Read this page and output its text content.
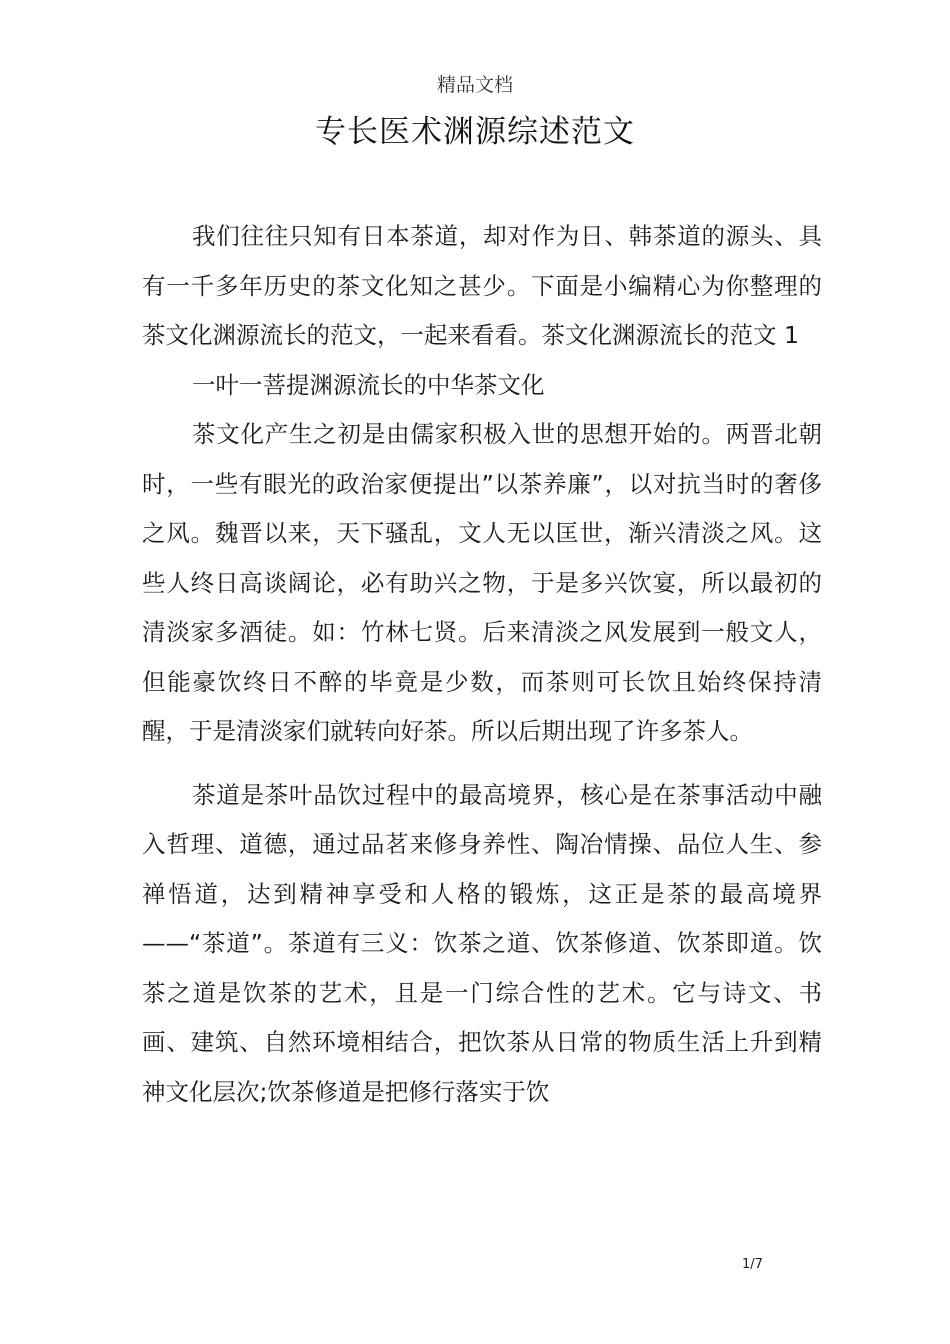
精品文档
专长医术渊源综述范文

我们往往只知有日本茶道，却对作为日、韩茶道的源头、具有一千多年历史的茶文化知之甚少。下面是小编精心为你整理的茶文化渊源流长的范文，一起来看看。茶文化渊源流长的范文 1

一叶一菩提渊源流长的中华茶文化

茶文化产生之初是由儒家积极入世的思想开始的。两晋北朝时，一些有眼光的政治家便提出”以茶养廉”，以对抗当时的奢侈之风。魏晋以来，天下骚乱，文人无以匡世，渐兴清淡之风。这些人终日高谈阔论，必有助兴之物，于是多兴饮宴，所以最初的清淡家多酒徒。如：竹林七贤。后来清淡之风发展到一般文人，但能豪饮终日不醉的毕竟是少数，而茶则可长饮且始终保持清醒，于是清淡家们就转向好茶。所以后期出现了许多茶人。

茶道是茶叶品饮过程中的最高境界，核心是在茶事活动中融入哲理、道德，通过品茗来修身养性、陶冶情操、品位人生、参禅悟道，达到精神享受和人格的锻炼，这正是茶的最高境界——“茶道”。茶道有三义：饮茶之道、饮茶修道、饮茶即道。饮茶之道是饮茶的艺术，且是一门综合性的艺术。它与诗文、书画、建筑、自然环境相结合，把饮茶从日常的物质生活上升到精神文化层次;饮茶修道是把修行落实于饮

1/7
